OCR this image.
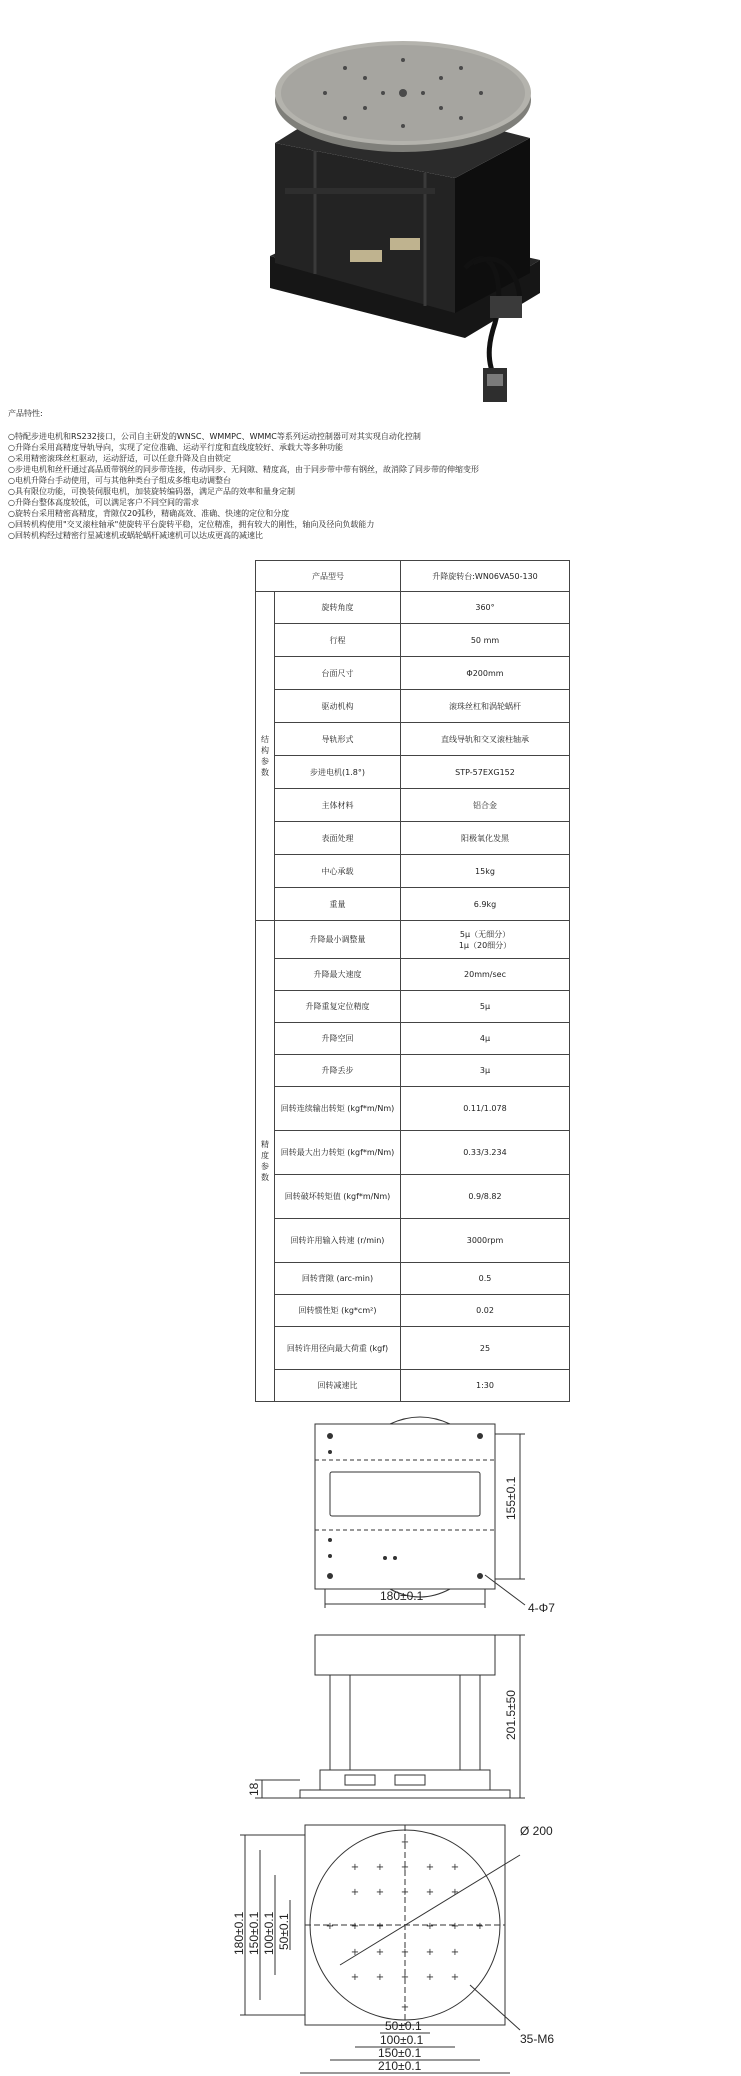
产品特性:
○特配步进电机和RS232接口，公司自主研发的WNSC、WMMPC、WMMC等系列运动控制器可对其实现自动化控制
○升降台采用高精度导轨导向，实现了定位准确、运动平行度和直线度较好、承载大等多种功能
○采用精密滚珠丝杠驱动，运动舒适，可以任意升降及自由锁定
○步进电机和丝杆通过高品质带钢丝的同步带连接，传动同步、无间隙、精度高，由于同步带中带有钢丝，故消除了同步带的伸缩变形
○电机升降台手动使用，可与其他种类台子组成多维电动调整台
○具有限位功能，可换装伺服电机，加装旋转编码器，满足产品的效率和量身定制
○升降台整体高度较低，可以满足客户不同空间的需求
○旋转台采用精密高精度，背隙仅20弧秒，精确高效、准确、快速的定位和分度
○回转机构使用"交叉滚柱轴承"使旋转平台旋转平稳，定位精准，拥有较大的刚性，轴向及径向负载能力
○回转机构经过精密行星减速机或蜗轮蜗杆减速机可以达成更高的减速比
产品型号		升降旋转台:WN06VA50-130
结构参数	旋转角度	360°
	行程	50 mm
	台面尺寸	Φ200mm
	驱动机构	滚珠丝杠和涡轮蜗杆
	导轨形式	直线导轨和交叉滚柱轴承
	步进电机(1.8°)	STP-57EXG152
	主体材料	铝合金
	表面处理	阳极氧化发黑
	中心承载	15kg
	重量	6.9kg
精度参数	升降最小调整量	5μ（无细分）
1μ（20细分）

	升降最大速度	20mm/sec
	升降重复定位精度	5μ
	升降空回	4μ
	升降丢步	3μ
	回转连续输出转矩 (kgf*m/Nm)	0.11/1.078
	回转最大出力转矩 (kgf*m/Nm)	0.33/3.234
	回转破坏转矩值 (kgf*m/Nm)	0.9/8.82
	回转许用输入转速 (r/min)	3000rpm
	回转背隙 (arc-min)	0.5
	回转惯性矩 (kg*cm²)	0.02
	回转许用径向最大荷重 (kgf)	25
	回转减速比	1:30
155±0.1
180±0.1
4-Φ7
201.5±50
18
+ + + + +
+ + + + +
+ + +	+ + +
+ + + + +
+ + + + +
+
+
Ø 200
35-M6
180±0.1 150±0.1 100±0.1 50±0.1
50±0.1
100±0.1
150±0.1
210±0.1
